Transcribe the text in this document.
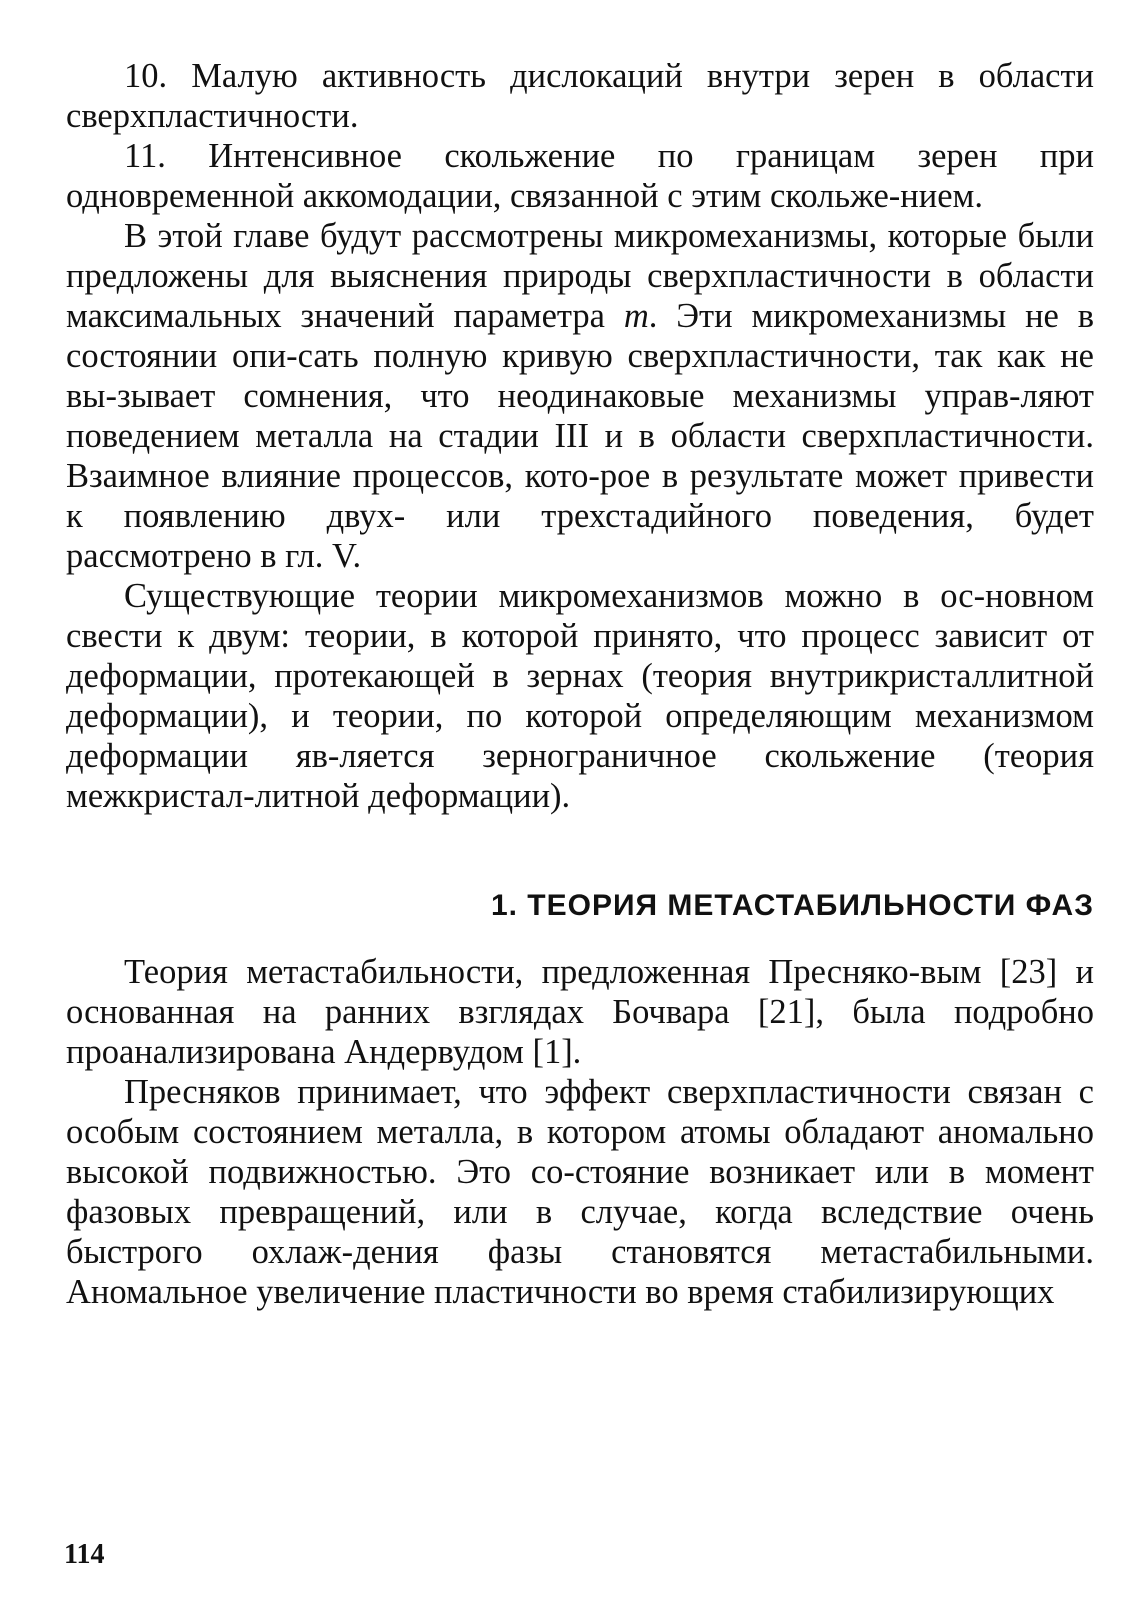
10. Малую активность дислокаций внутри зерен в области сверхпластичности.

11. Интенсивное скольжение по границам зерен при одновременной аккомодации, связанной с этим скольже-нием.

В этой главе будут рассмотрены микромеханизмы, которые были предложены для выяснения природы сверхпластичности в области максимальных значений параметра m. Эти микромеханизмы не в состоянии опи-сать полную кривую сверхпластичности, так как не вы-зывает сомнения, что неодинаковые механизмы управ-ляют поведением металла на стадии III и в области сверхпластичности. Взаимное влияние процессов, кото-рое в результате может привести к появлению двух- или трехстадийного поведения, будет рассмотрено в гл. V.

Существующие теории микромеханизмов можно в ос-новном свести к двум: теории, в которой принято, что процесс зависит от деформации, протекающей в зернах (теория внутрикристаллитной деформации), и теории, по которой определяющим механизмом деформации яв-ляется зернограничное скольжение (теория межкристал-литной деформации).

1. ТЕОРИЯ МЕТАСТАБИЛЬНОСТИ ФАЗ

Теория метастабильности, предложенная Пресняко-вым [23] и основанная на ранних взглядах Бочвара [21], была подробно проанализирована Андервудом [1].

Пресняков принимает, что эффект сверхпластичности связан с особым состоянием металла, в котором атомы обладают аномально высокой подвижностью. Это со-стояние возникает или в момент фазовых превращений, или в случае, когда вследствие очень быстрого охлаж-дения фазы становятся метастабильными. Аномальное увеличение пластичности во время стабилизирующих

114
